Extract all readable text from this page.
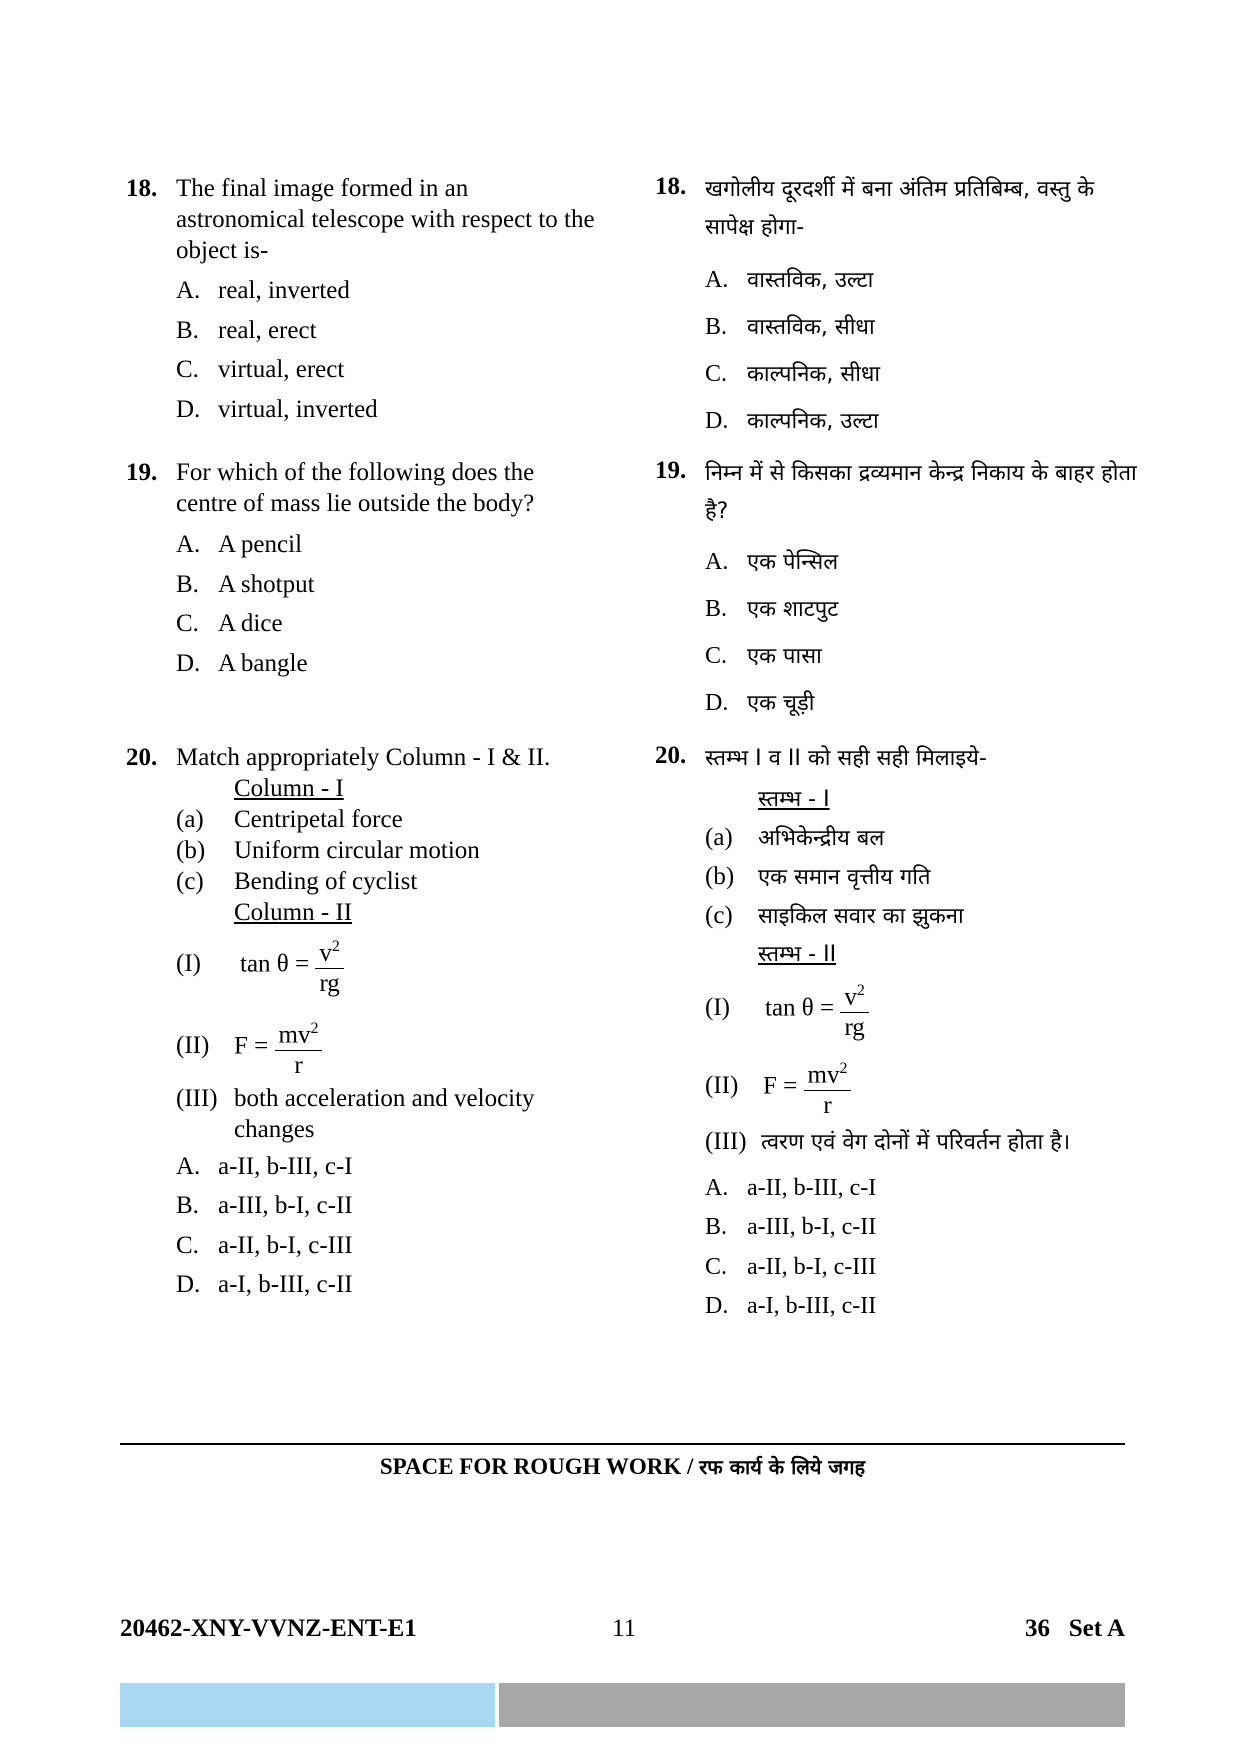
18. The final image formed in an astronomical telescope with respect to the object is-
A. real, inverted
B. real, erect
C. virtual, erect
D. virtual, inverted
19. For which of the following does the centre of mass lie outside the body?
A. A pencil
B. A shotput
C. A dice
D. A bangle
20. Match appropriately Column - I & II.
Column - I
(a) Centripetal force
(b) Uniform circular motion
(c) Bending of cyclist
Column - II
(I) $\tan \theta = \frac{v^2}{rg}$
(II) $F = \frac{mv^2}{r}$
(III) both acceleration and velocity
changes
A. a-II, b-III, c-I
B. a-III, b-I, c-II
C. a-II, b-I, c-III
D. a-I, b-III, c-II
18. खगोलीय दूरदर्शी में बना अंतिम प्रतिबिम्ब, वस्तु के सापेक्ष होगा-
A. वास्तविक, उल्टा
B. वास्तविक, सीधा
C. काल्पनिक, सीधा
D. काल्पनिक, उल्टा
19. निम्न में से किसका द्रव्यमान केन्द्र निकाय के बाहर होता है?
A. एक पेन्सिल
B. एक शाटपुट
C. एक पासा
D. एक चूड़ी
20. स्तम्भ I व II को सही सही मिलाइये-
स्तम्भ - I
(a) अभिकेन्द्रीय बल
(b) एक समान वृत्तीय गति
(c) साइकिल सवार का झुकना
स्तम्भ - II
(I) $\tan \theta = \frac{v^2}{rg}$
(II) $F = \frac{mv^2}{r}$
(III) त्वरण एवं वेग दोनों में परिवर्तन होता है।
A. a-II, b-III, c-I
B. a-III, b-I, c-II
C. a-II, b-I, c-III
D. a-I, b-III, c-II
SPACE FOR ROUGH WORK / रफ कार्य के लिये जगह
20462-XNY-VVNZ-ENT-E1	11	36   Set A
